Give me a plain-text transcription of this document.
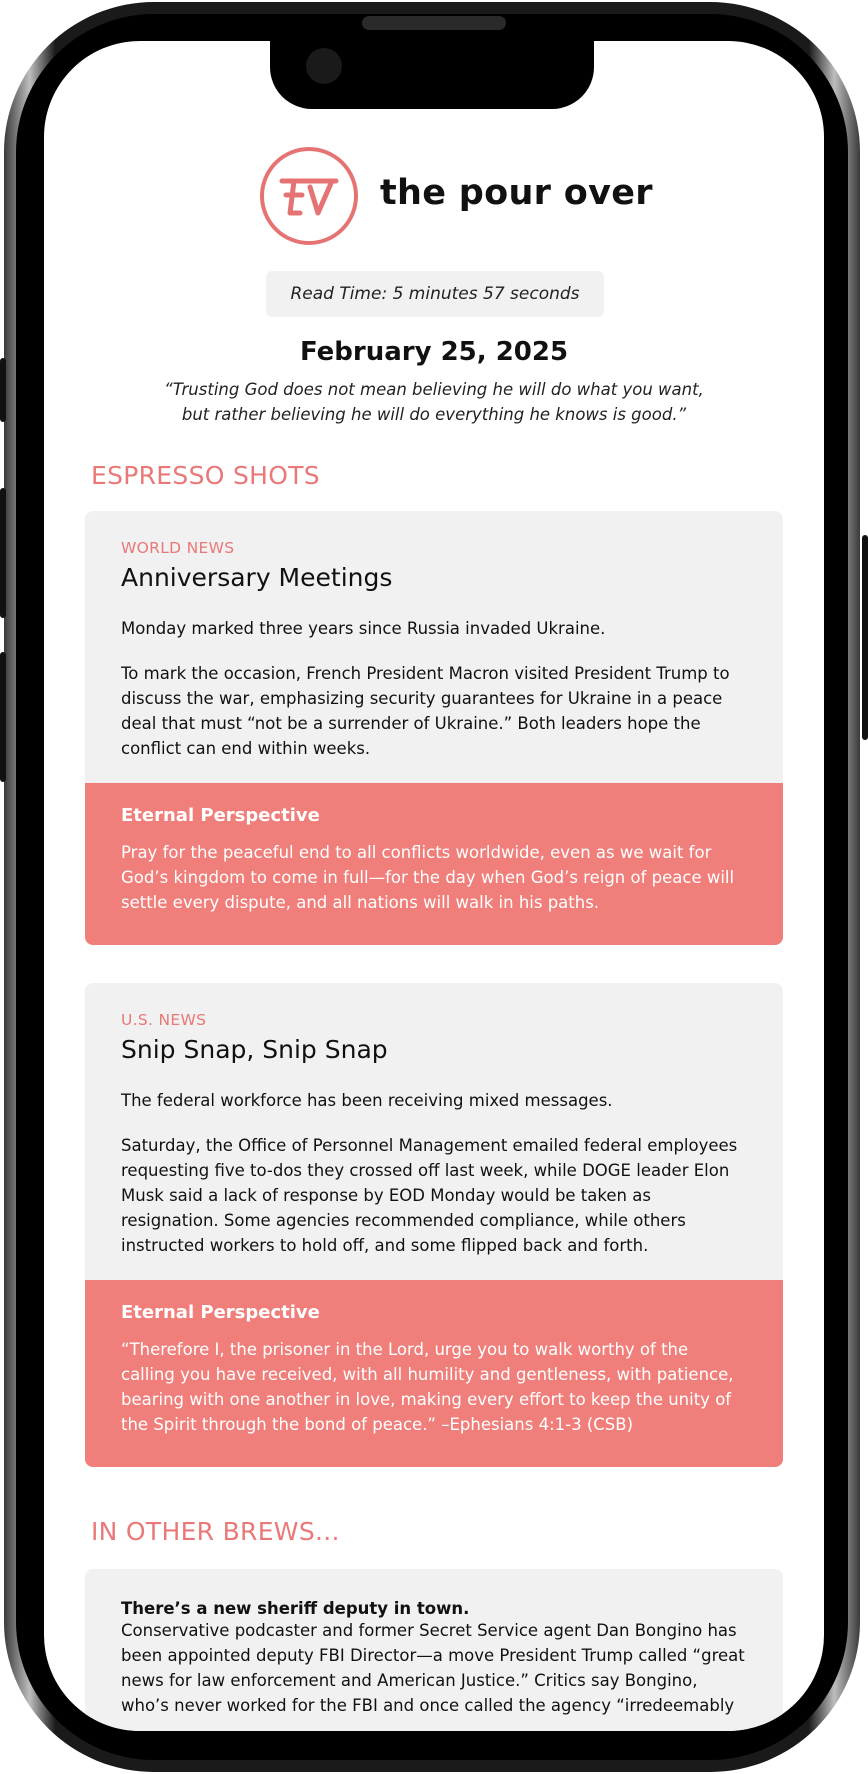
the pour over
Read Time: 5 minutes 57 seconds
February 25, 2025
“Trusting God does not mean believing he will do what you want, but rather believing he will do everything he knows is good.”
ESPRESSO SHOTS
WORLD NEWS
Anniversary Meetings

Monday marked three years since Russia invaded Ukraine.

To mark the occasion, French President Macron visited President Trump to discuss the war, emphasizing security guarantees for Ukraine in a peace deal that must “not be a surrender of Ukraine.” Both leaders hope the conflict can end within weeks.

Eternal Perspective
Pray for the peaceful end to all conflicts worldwide, even as we wait for God’s kingdom to come in full—for the day when God’s reign of peace will settle every dispute, and all nations will walk in his paths.
U.S. NEWS
Snip Snap, Snip Snap

The federal workforce has been receiving mixed messages.

Saturday, the Office of Personnel Management emailed federal employees requesting five to-dos they crossed off last week, while DOGE leader Elon Musk said a lack of response by EOD Monday would be taken as resignation. Some agencies recommended compliance, while others instructed workers to hold off, and some flipped back and forth.

Eternal Perspective
“Therefore I, the prisoner in the Lord, urge you to walk worthy of the calling you have received, with all humility and gentleness, with patience, bearing with one another in love, making every effort to keep the unity of the Spirit through the bond of peace.” –Ephesians 4:1-3 (CSB)
IN OTHER BREWS...
There’s a new sheriff deputy in town.
Conservative podcaster and former Secret Service agent Dan Bongino has been appointed deputy FBI Director—a move President Trump called “great news for law enforcement and American Justice.” Critics say Bongino, who’s never worked for the FBI and once called the agency “irredeemably
